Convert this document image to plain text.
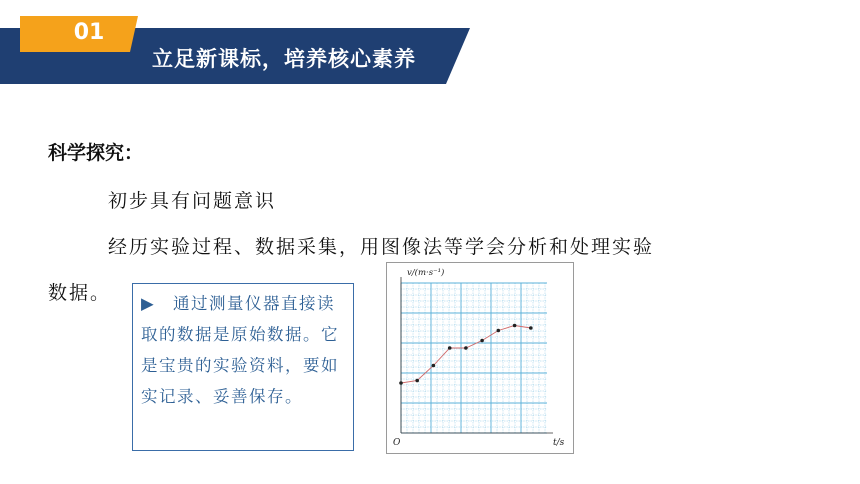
01
立足新课标，培养核心素养
科学探究：
初步具有问题意识
经历实验过程、数据采集，用图像法等学会分析和处理实验
数据。 ▶ 通过测量仪器直接读取的数据是原始数据。它是宝贵的实验资料，要如实记录、妥善保存。
v/(m·s⁻¹)
t/s
O
